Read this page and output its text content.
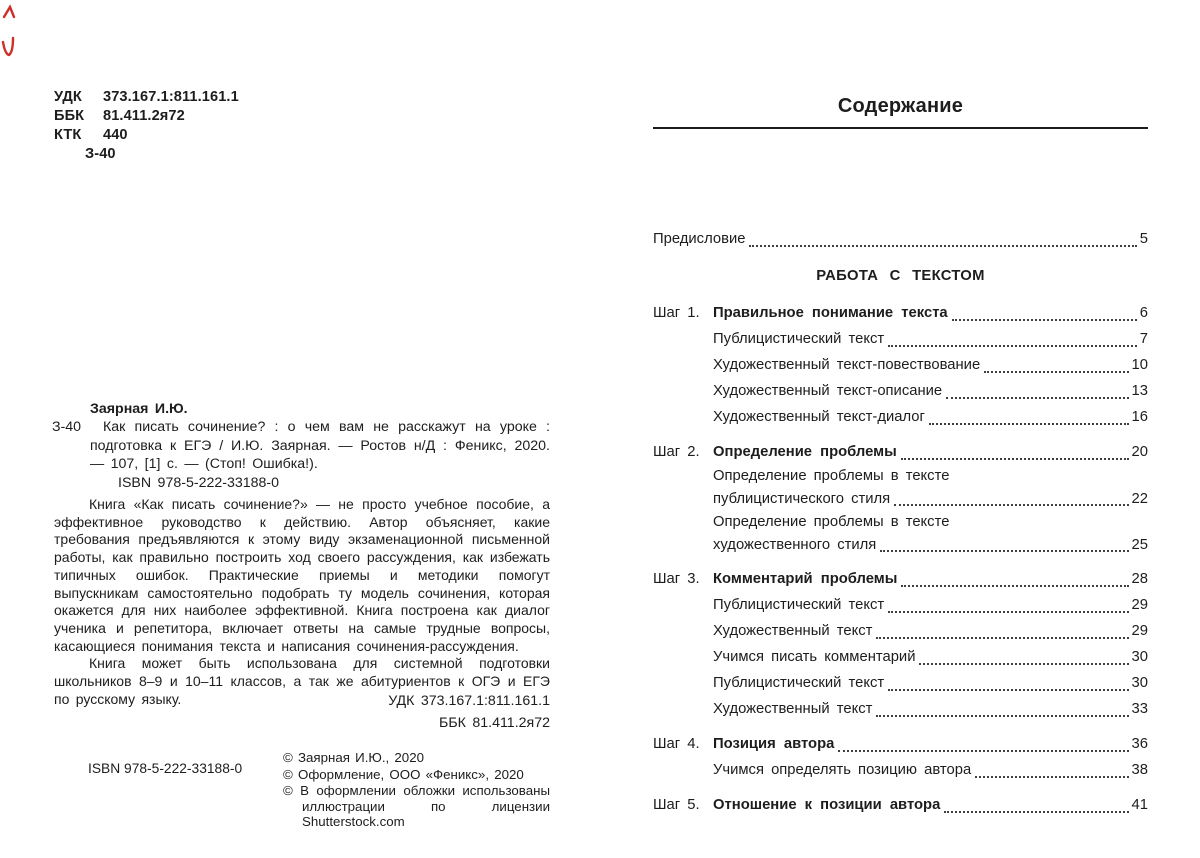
УДК	373.167.1:811.161.1
ББК	81.411.2я72
КТК	440
З-40
Заярная И.Ю.
З-40	Как писать сочинение? : о чем вам не расскажут на уроке : подготовка к ЕГЭ / И.Ю. Заярная. — Ростов н/Д : Феникс, 2020. — 107, [1] с. — (Стоп! Ошибка!).
ISBN 978-5-222-33188-0

Книга «Как писать сочинение?» — не просто учебное пособие, а эффективное руководство к действию. Автор объясняет, какие требования предъявляются к этому виду экзаменационной письменной работы, как правильно построить ход своего рассуждения, как избежать типичных ошибок. Практические приемы и методики помогут выпускникам самостоятельно подобрать ту модель сочинения, которая окажется для них наиболее эффективной. Книга построена как диалог ученика и репетитора, включает ответы на самые трудные вопросы, касающиеся понимания текста и написания сочинения-рассуждения.

Книга может быть использована для системной подготовки школьников 8–9 и 10–11 классов, а так же абитуриентов к ОГЭ и ЕГЭ по русскому языку.	УДК 373.167.1:811.161.1
ББК 81.411.2я72
ISBN 978-5-222-33188-0
© Заярная И.Ю., 2020
© Оформление, ООО «Феникс», 2020
© В оформлении обложки использованы иллюстрации по лицензии Shutterstock.com
Содержание
Предисловие	5
РАБОТА С ТЕКСТОМ
Шаг 1. Правильное понимание текста	6
Публицистический текст	7
Художественный текст-повествование	10
Художественный текст-описание	13
Художественный текст-диалог	16
Шаг 2. Определение проблемы	20
Определение проблемы в тексте
публицистического стиля	22
Определение проблемы в тексте
художественного стиля	25
Шаг 3. Комментарий проблемы	28
Публицистический текст	29
Художественный текст	29
Учимся писать комментарий	30
Публицистический текст	30
Художественный текст	33
Шаг 4. Позиция автора	36
Учимся определять позицию автора	38
Шаг 5. Отношение к позиции автора	41
